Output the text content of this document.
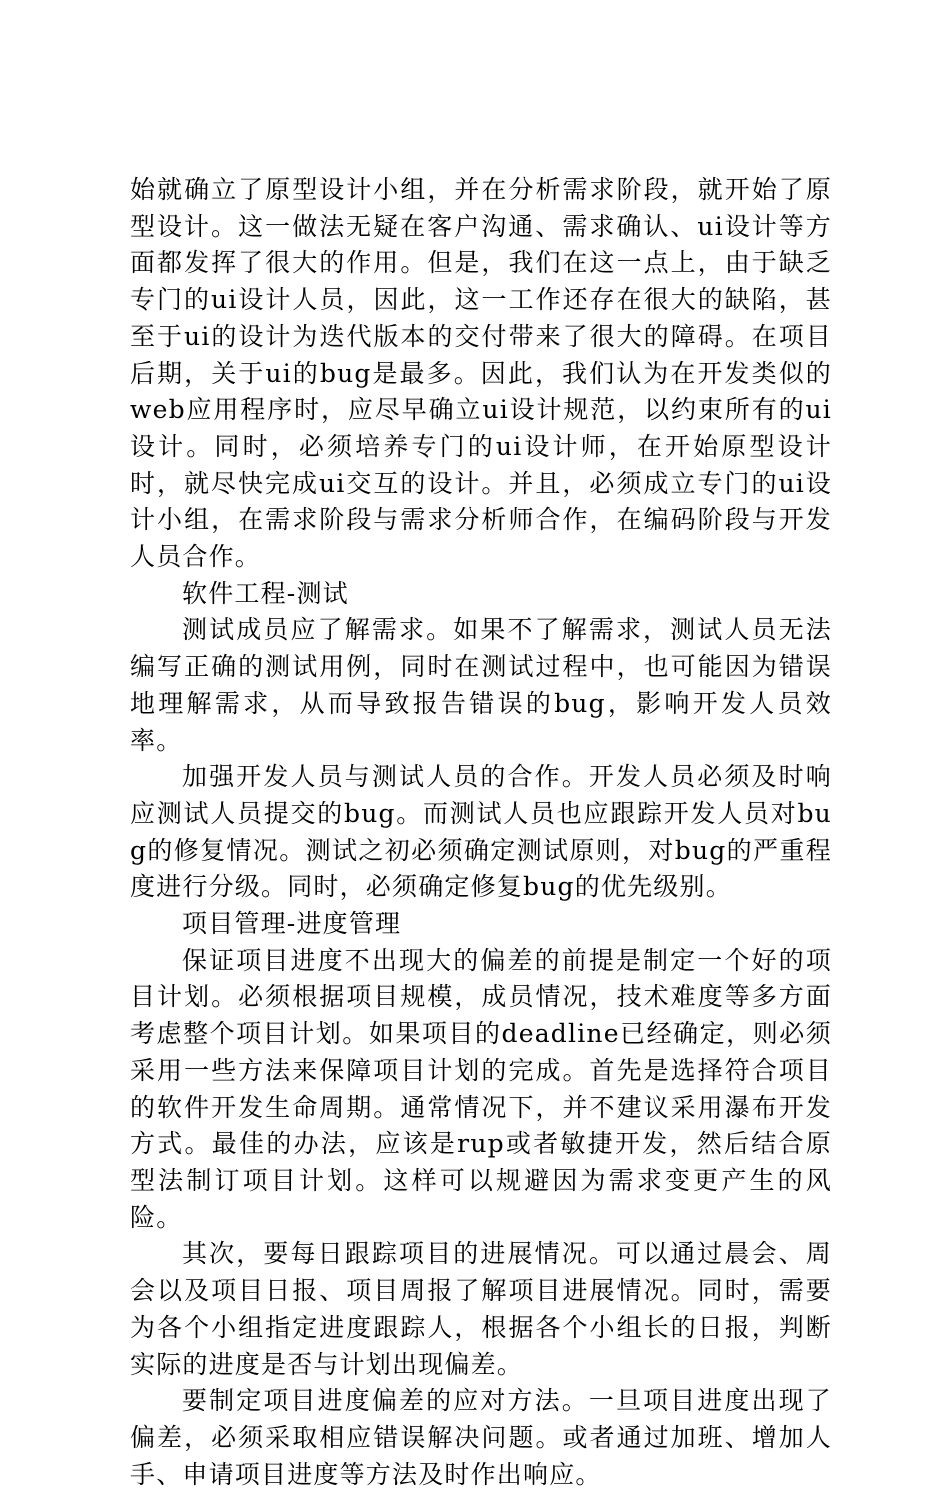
始就确立了原型设计小组，并在分析需求阶段，就开始了原型设计。这一做法无疑在客户沟通、需求确认、ui设计等方面都发挥了很大的作用。但是，我们在这一点上，由于缺乏专门的ui设计人员，因此，这一工作还存在很大的缺陷，甚至于ui的设计为迭代版本的交付带来了很大的障碍。在项目后期，关于ui的bug是最多。因此，我们认为在开发类似的web应用程序时，应尽早确立ui设计规范，以约束所有的ui设计。同时，必须培养专门的ui设计师，在开始原型设计时，就尽快完成ui交互的设计。并且，必须成立专门的ui设计小组，在需求阶段与需求分析师合作，在编码阶段与开发人员合作。

软件工程-测试

测试成员应了解需求。如果不了解需求，测试人员无法编写正确的测试用例，同时在测试过程中，也可能因为错误地理解需求，从而导致报告错误的bug，影响开发人员效率。

加强开发人员与测试人员的合作。开发人员必须及时响应测试人员提交的bug。而测试人员也应跟踪开发人员对bug的修复情况。测试之初必须确定测试原则，对bug的严重程度进行分级。同时，必须确定修复bug的优先级别。

项目管理-进度管理

保证项目进度不出现大的偏差的前提是制定一个好的项目计划。必须根据项目规模，成员情况，技术难度等多方面考虑整个项目计划。如果项目的deadline已经确定，则必须采用一些方法来保障项目计划的完成。首先是选择符合项目的软件开发生命周期。通常情况下，并不建议采用瀑布开发方式。最佳的办法，应该是rup或者敏捷开发，然后结合原型法制订项目计划。这样可以规避因为需求变更产生的风险。

其次，要每日跟踪项目的进展情况。可以通过晨会、周会以及项目日报、项目周报了解项目进展情况。同时，需要为各个小组指定进度跟踪人，根据各个小组长的日报，判断实际的进度是否与计划出现偏差。

要制定项目进度偏差的应对方法。一旦项目进度出现了偏差，必须采取相应错误解决问题。或者通过加班、增加人手、申请项目进度等方法及时作出响应。
